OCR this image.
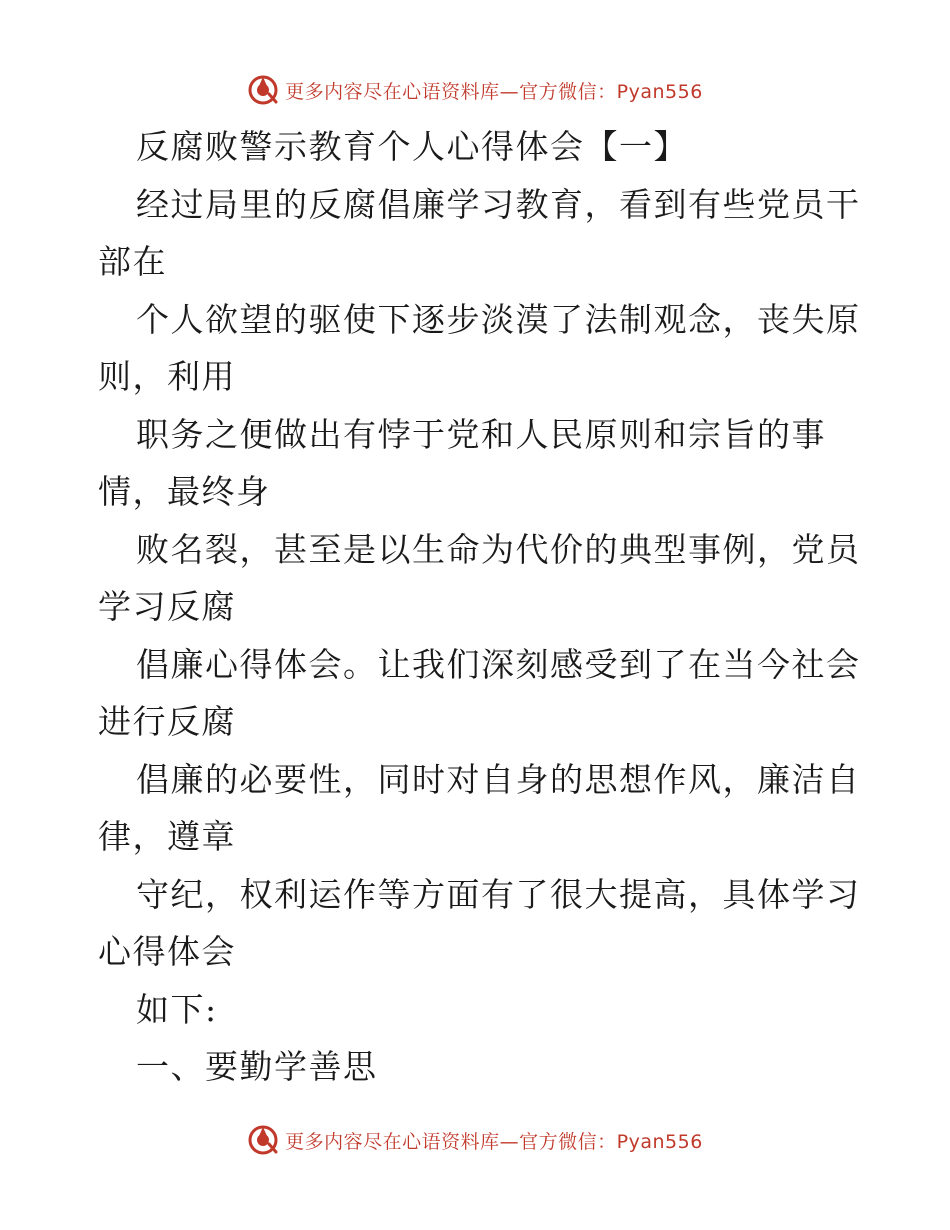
更多内容尽在心语资料库—官方微信：Pyan556
反腐败警示教育个人心得体会【一】
经过局里的反腐倡廉学习教育，看到有些党员干
部在
个人欲望的驱使下逐步淡漠了法制观念，丧失原
则，利用
职务之便做出有悖于党和人民原则和宗旨的事
情，最终身
败名裂，甚至是以生命为代价的典型事例，党员
学习反腐
倡廉心得体会。让我们深刻感受到了在当今社会
进行反腐
倡廉的必要性，同时对自身的思想作风，廉洁自
律，遵章
守纪，权利运作等方面有了很大提高，具体学习
心得体会
如下:
一、要勤学善思
更多内容尽在心语资料库—官方微信：Pyan556
